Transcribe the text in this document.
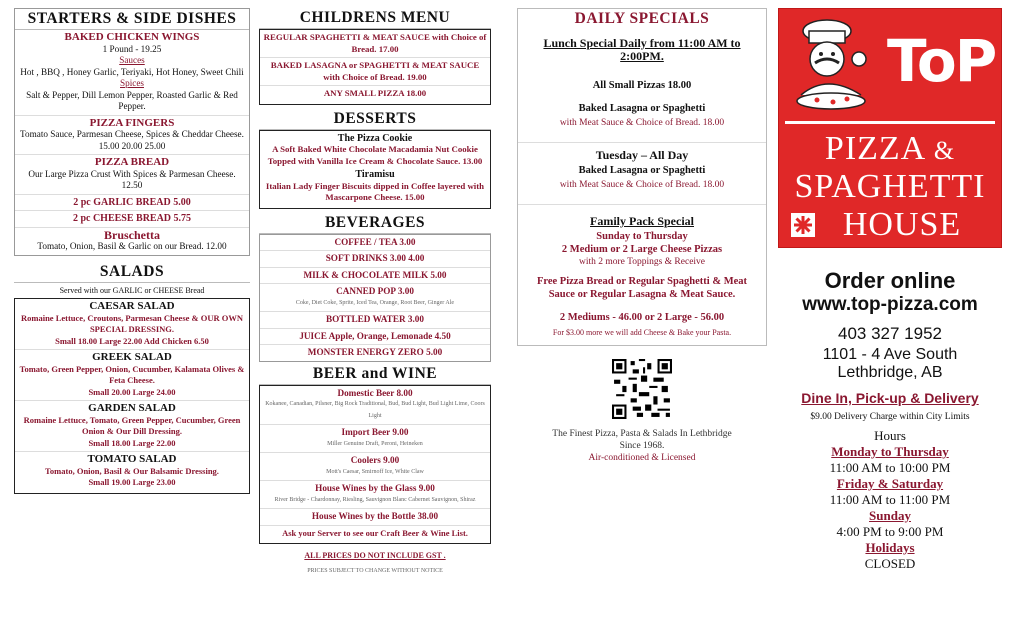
STARTERS & SIDE DISHES
BAKED CHICKEN WINGS
1 Pound - 19.25
Sauces
Hot , BBQ , Honey Garlic, Teriyaki, Hot Honey, Sweet Chili
Spices
Salt & Pepper, Dill Lemon Pepper, Roasted Garlic & Red Pepper.
PIZZA FINGERS
Tomato Sauce, Parmesan Cheese, Spices & Cheddar Cheese.
15.00 20.00 25.00
PIZZA BREAD
Our Large Pizza Crust With Spices & Parmesan Cheese. 12.50
2 pc GARLIC BREAD 5.00
2 pc CHEESE BREAD 5.75
Bruschetta
Tomato, Onion, Basil & Garlic on our Bread. 12.00
SALADS
Served with our GARLIC or CHEESE Bread
CAESAR SALAD
Romaine Lettuce, Croutons, Parmesan Cheese & OUR OWN SPECIAL DRESSING.
Small 18.00 Large 22.00 Add Chicken 6.50
GREEK SALAD
Tomato, Green Pepper, Onion, Cucumber, Kalamata Olives & Feta Cheese.
Small 20.00 Large 24.00
GARDEN SALAD
Romaine Lettuce, Tomato, Green Pepper, Cucumber, Green Onion & Our Dill Dressing.
Small 18.00 Large 22.00
TOMATO SALAD
Tomato, Onion, Basil & Our Balsamic Dressing.
Small 19.00 Large 23.00
CHILDRENS MENU
REGULAR SPAGHETTI & MEAT SAUCE with Choice of Bread. 17.00
BAKED LASAGNA or SPAGHETTI & MEAT SAUCE with Choice of Bread. 19.00
ANY SMALL PIZZA 18.00
DESSERTS
The Pizza Cookie
A Soft Baked White Chocolate Macadamia Nut Cookie Topped with Vanilla Ice Cream & Chocolate Sauce. 13.00
Tiramisu
Italian Lady Finger Biscuits dipped in Coffee layered with Mascarpone Cheese. 15.00
BEVERAGES
COFFEE / TEA 3.00
SOFT DRINKS 3.00 4.00
MILK & CHOCOLATE MILK 5.00
CANNED POP 3.00
Coke, Diet Coke, Sprite, Iced Tea, Orange, Root Beer, Ginger Ale
BOTTLED WATER 3.00
JUICE Apple, Orange, Lemonade 4.50
MONSTER ENERGY ZERO 5.00
BEER and WINE
Domestic Beer 8.00
Kokanee, Canadian, Pilsner, Big Rock Traditional, Bud, Bud Light, Bud Light Lime, Coors Light
Import Beer 9.00
Miller Genuine Draft, Peroni, Heineken
Coolers 9.00
Mott's Caesar, Smirnoff Ice, White Claw
House Wines by the Glass 9.00
River Bridge - Chardonnay, Riesling, Sauvignon Blanc Cabernet Sauvignon, Shiraz
House Wines by the Bottle 38.00
Ask your Server to see our Craft Beer & Wine List.
ALL PRICES DO NOT INCLUDE GST .
PRICES SUBJECT TO CHANGE WITHOUT NOTICE
DAILY SPECIALS
Lunch Special Daily from 11:00 AM to 2:00PM.
All Small Pizzas 18.00
Baked Lasagna or Spaghetti
with Meat Sauce & Choice of Bread. 18.00
Tuesday – All Day
Baked Lasagna or Spaghetti
with Meat Sauce & Choice of Bread. 18.00
Family Pack Special
Sunday to Thursday
2 Medium or 2 Large Cheese Pizzas
with 2 more Toppings & Receive
Free Pizza Bread or Regular Spaghetti & Meat Sauce or Regular Lasagna & Meat Sauce.
2 Mediums - 46.00 or 2 Large - 56.00
For $3.00 more we will add Cheese & Bake your Pasta.
The Finest Pizza, Pasta & Salads In Lethbridge
Since 1968.
Air-conditioned & Licensed
ToP
PIZZA &
SPAGHETTI
HOUSE
Order online
www.top-pizza.com
403 327 1952
1101 - 4 Ave South
Lethbridge, AB
Dine In, Pick-up & Delivery
$9.00 Delivery Charge within City Limits
Hours
Monday to Thursday
11:00 AM to 10:00 PM
Friday & Saturday
11:00 AM to 11:00 PM
Sunday
4:00 PM to 9:00 PM
Holidays
CLOSED
